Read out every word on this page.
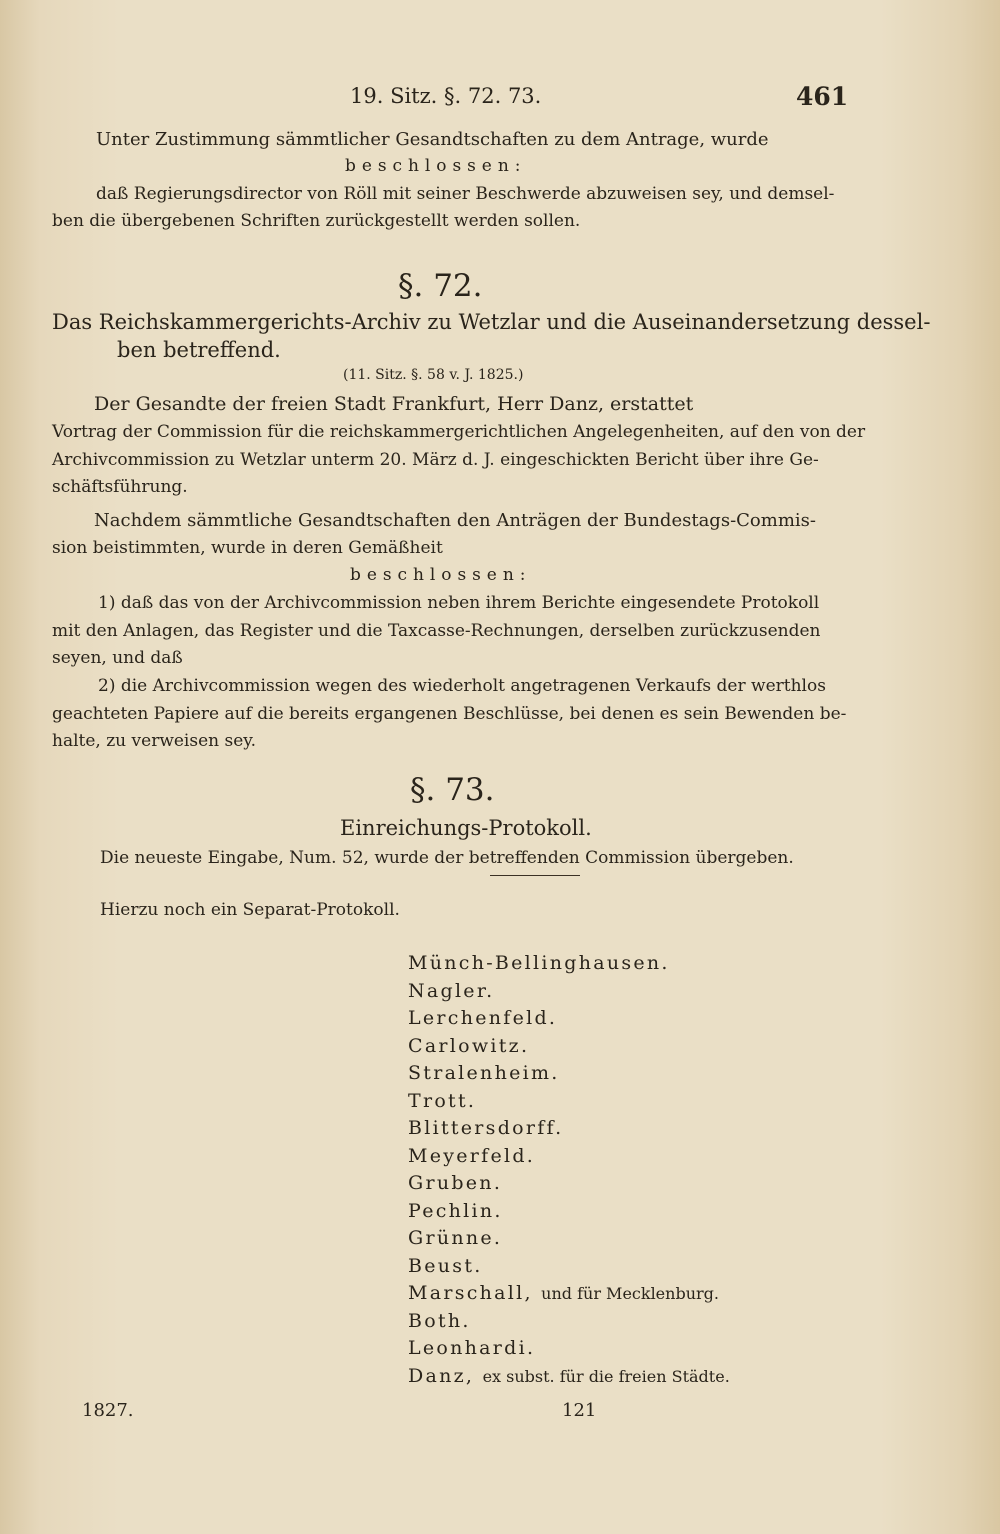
19. Sitz. §. 72. 73.	461

Unter Zustimmung sämmtlicher Gesandtschaften zu dem Antrage, wurde

beschlossen:

daß Regierungsdirector von Röll mit seiner Beschwerde abzuweisen sey, und demsel-

ben die übergebenen Schriften zurückgestellt werden sollen.

§. 72.

Das Reichskammergerichts-Archiv zu Wetzlar und die Auseinandersetzung dessel-

ben betreffend.

(11. Sitz. §. 58 v. J. 1825.)

Der Gesandte der freien Stadt Frankfurt, Herr Danz, erstattet

Vortrag der Commission für die reichskammergerichtlichen Angelegenheiten, auf den von der

Archivcommission zu Wetzlar unterm 20. März d. J. eingeschickten Bericht über ihre Ge-

schäftsführung.

Nachdem sämmtliche Gesandtschaften den Anträgen der Bundestags-Commis-

sion beistimmten, wurde in deren Gemäßheit

beschlossen:

1) daß das von der Archivcommission neben ihrem Berichte eingesendete Protokoll

mit den Anlagen, das Register und die Taxcasse-Rechnungen, derselben zurückzusenden

seyen, und daß

2) die Archivcommission wegen des wiederholt angetragenen Verkaufs der werthlos

geachteten Papiere auf die bereits ergangenen Beschlüsse, bei denen es sein Bewenden be-

halte, zu verweisen sey.

§. 73.

Einreichungs-Protokoll.

Die neueste Eingabe, Num. 52, wurde der betreffenden Commission übergeben.

Hierzu noch ein Separat-Protokoll.

Münch-Bellinghausen.
Nagler.
Lerchenfeld.
Carlowitz.
Stralenheim.
Trott.
Blittersdorff.
Meyerfeld.
Gruben.
Pechlin.
Grünne.
Beust.
Marschall, und für Mecklenburg.
Both.
Leonhardi.
Danz, ex subst. für die freien Städte.

1827.	121
